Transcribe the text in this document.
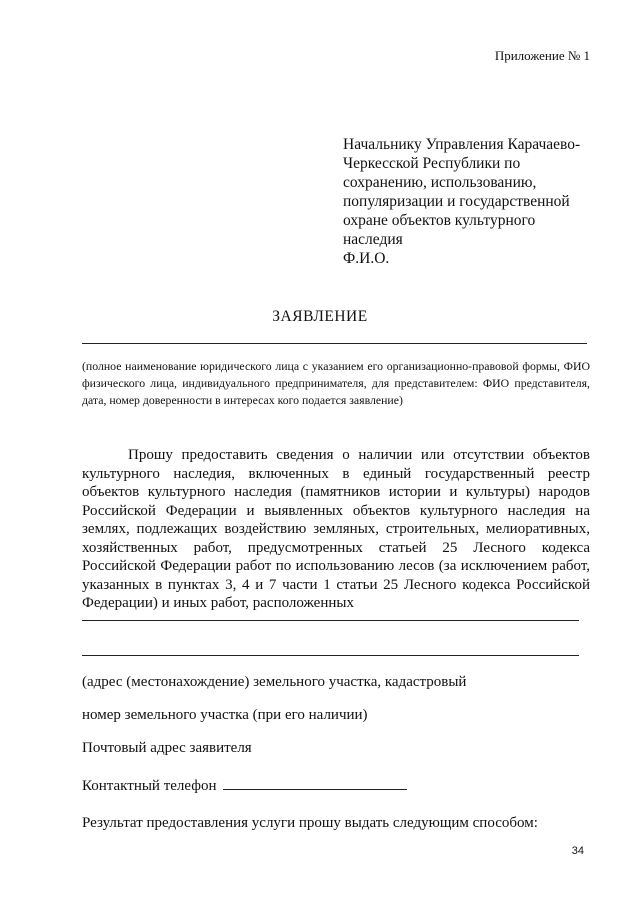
Приложение № 1
Начальнику Управления Карачаево-
Черкесской Республики по
сохранению, использованию,
популяризации и государственной
охране объектов культурного
наследия
Ф.И.О.
ЗАЯВЛЕНИЕ
(полное наименование юридического лица с указанием его организационно-правовой формы, ФИО физического лица, индивидуального предпринимателя, для представителем: ФИО представителя, дата, номер доверенности в интересах кого подается заявление)
Прошу предоставить сведения о наличии или отсутствии объектов культурного наследия, включенных в единый государственный реестр объектов культурного наследия (памятников истории и культуры) народов Российской Федерации и выявленных объектов культурного наследия на землях, подлежащих воздействию земляных, строительных, мелиоративных, хозяйственных работ, предусмотренных статьей 25 Лесного кодекса Российской Федерации работ по использованию лесов (за исключением работ, указанных в пунктах 3, 4 и 7 части 1 статьи 25 Лесного кодекса Российской Федерации) и иных работ, расположенных
(адрес (местонахождение) земельного участка, кадастровый
номер земельного участка (при его наличии)
Почтовый адрес заявителя
Контактный телефон
Результат предоставления услуги прошу выдать следующим способом:
34
